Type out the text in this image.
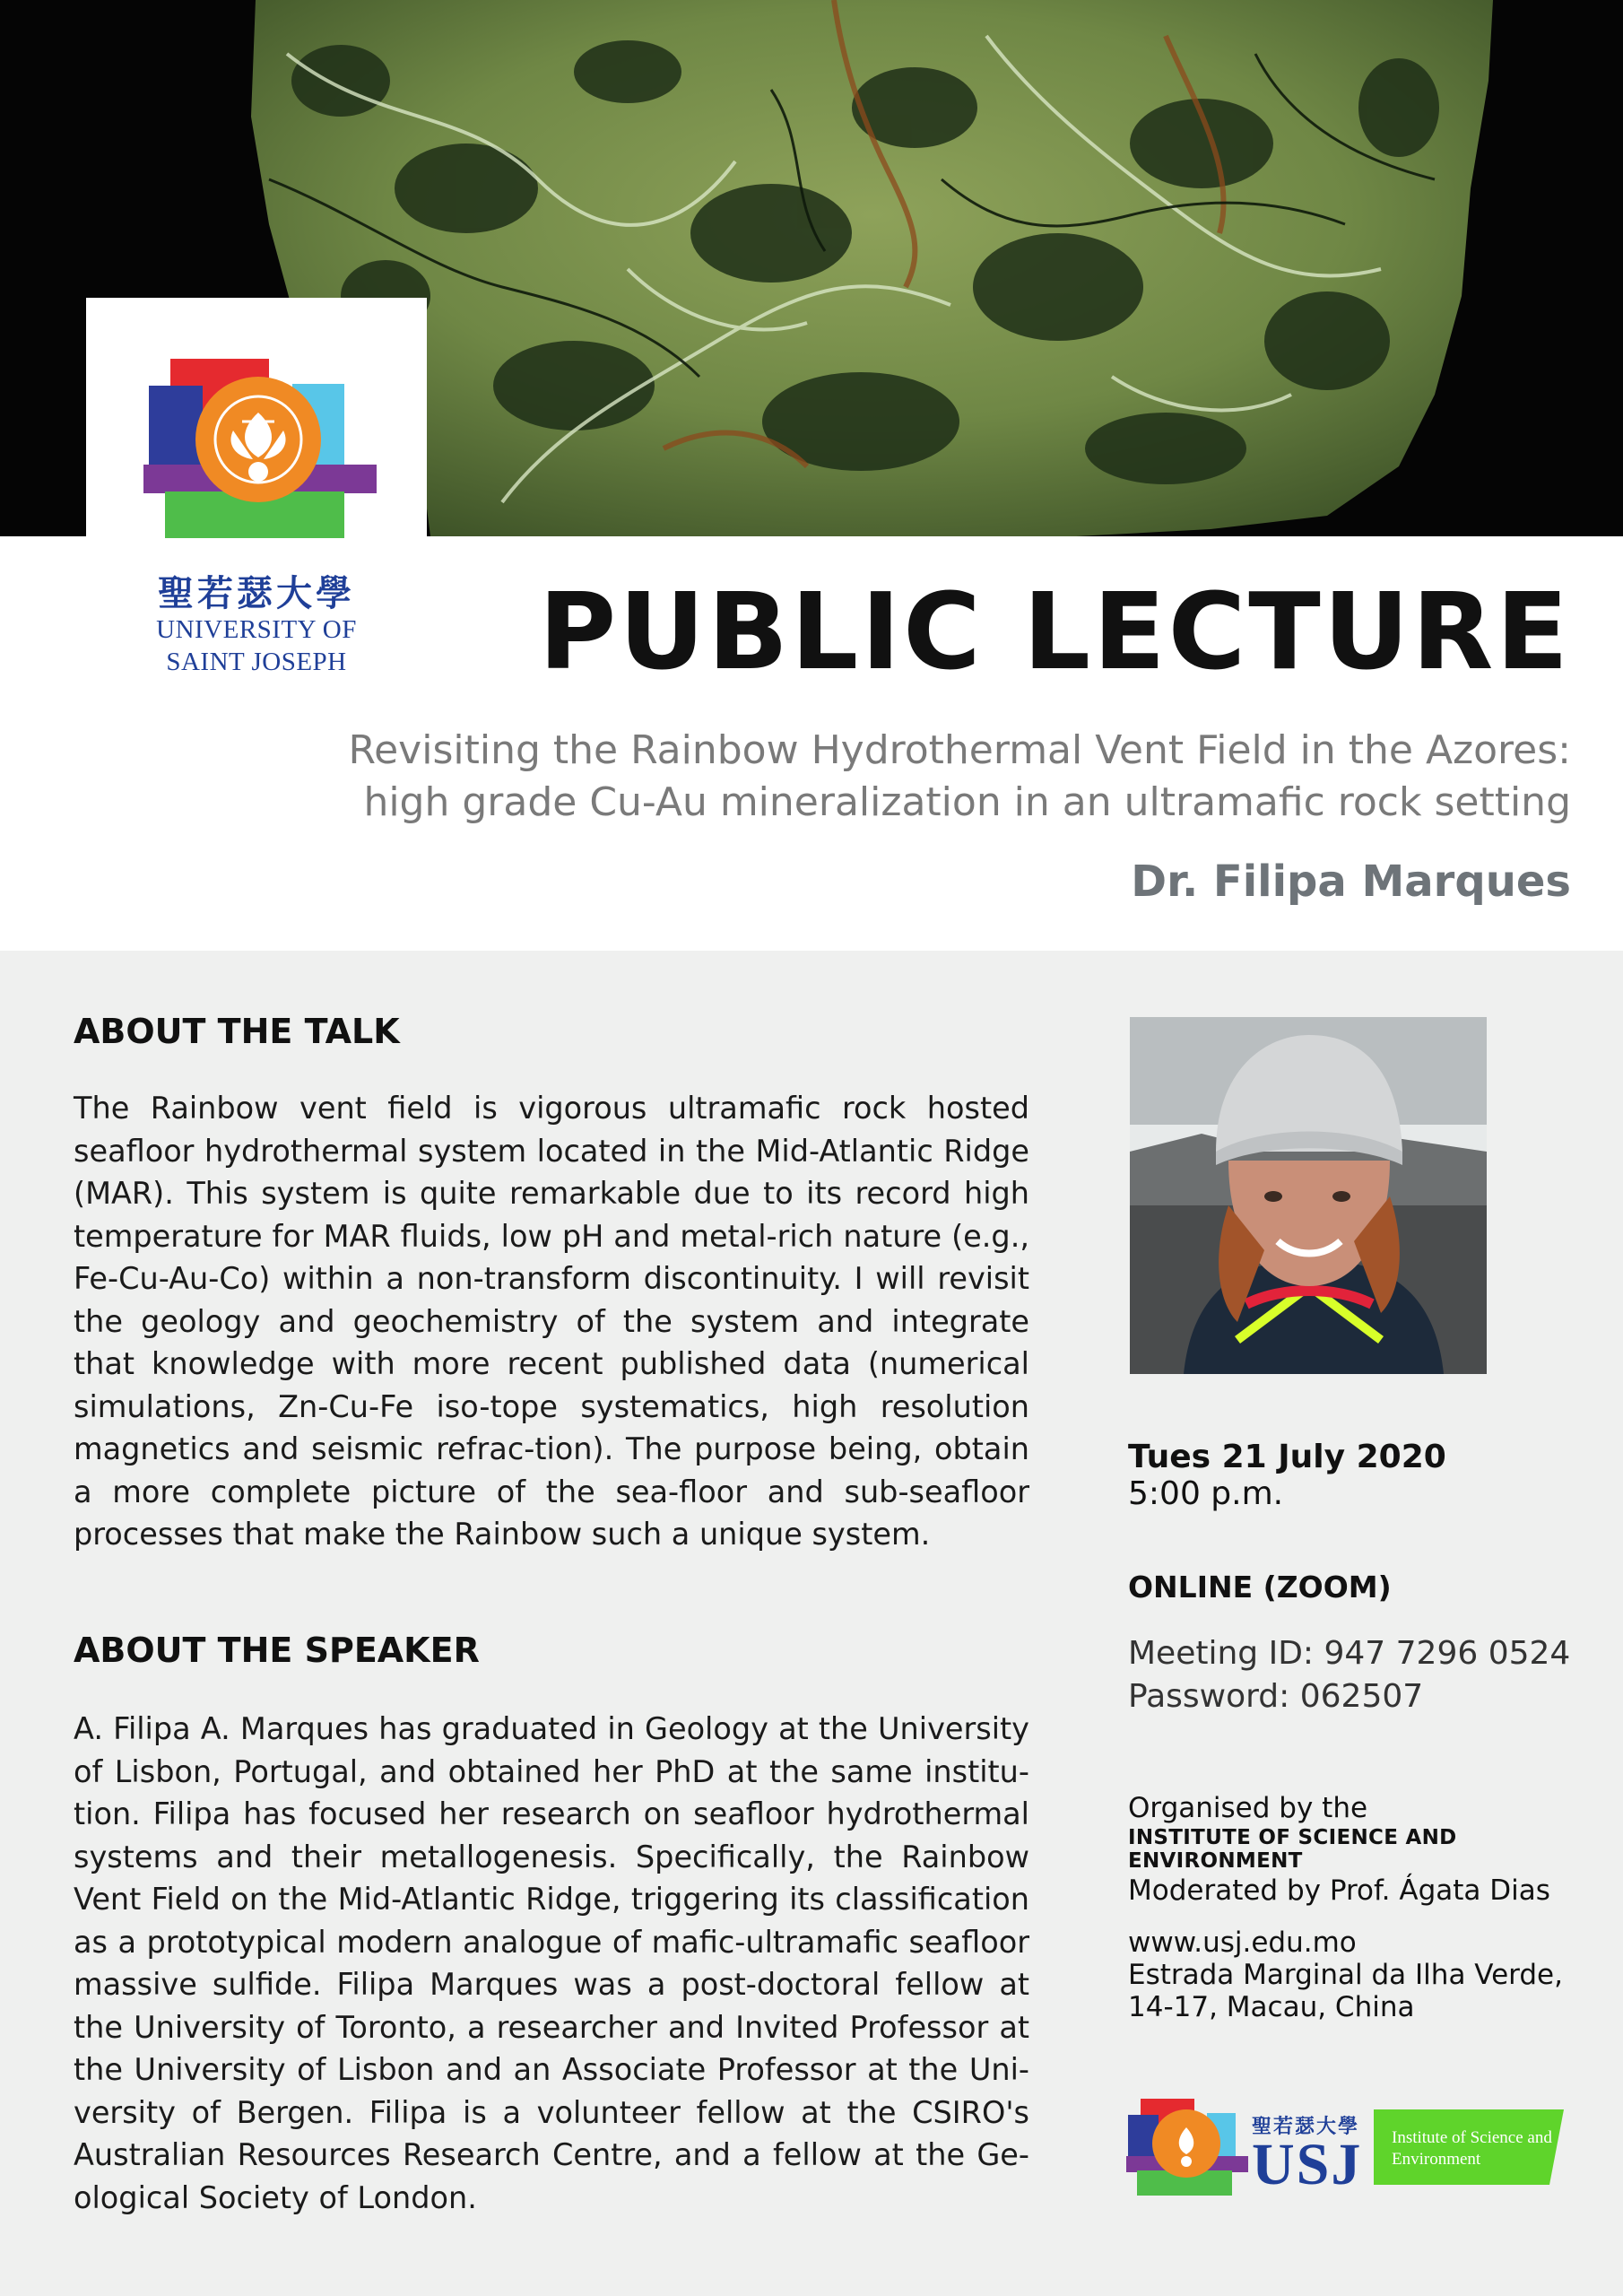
聖若瑟大學
UNIVERSITY OF
SAINT JOSEPH	PUBLIC LECTURE
Revisiting the Rainbow Hydrothermal Vent Field in the Azores:
high grade Cu-Au mineralization in an ultramafic rock setting
Dr. Filipa Marques
ABOUT THE TALK

The Rainbow vent field is vigorous ultramafic rock hosted seafloor hydrothermal system located in the Mid-Atlantic Ridge (MAR). This system is quite remarkable due to its record high temperature for MAR fluids, low pH and metal-rich nature (e.g., Fe-Cu-Au-Co) within a non-transform discontinuity. I will revisit the geology and geochemistry of the system and integrate that knowledge with more recent published data (numerical simulations, Zn-Cu-Fe iso-tope systematics, high resolution magnetics and seismic refrac-tion). The purpose being, obtain a more complete picture of the sea-floor and sub-seafloor processes that make the Rainbow such a unique system.

ABOUT THE SPEAKER

A. Filipa A. Marques has graduated in Geology at the University of Lisbon, Portugal, and obtained her PhD at the same institu-tion. Filipa has focused her research on seafloor hydrothermal systems and their metallogenesis. Specifically, the Rainbow Vent Field on the Mid-Atlantic Ridge, triggering its classification as a prototypical modern analogue of mafic-ultramafic seafloor massive sulfide. Filipa Marques was a post-doctoral fellow at the University of Toronto, a researcher and Invited Professor at the University of Lisbon and an Associate Professor at the Uni-versity of Bergen. Filipa is a volunteer fellow at the CSIRO's Australian Resources Research Centre, and a fellow at the Ge-ological Society of London.

Tues 21 July 2020
5:00 p.m.
ONLINE (ZOOM)
Meeting ID: 947 7296 0524
Password: 062507
Organised by the
INSTITUTE OF SCIENCE AND ENVIRONMENT
Moderated by Prof. Ágata Dias
www.usj.edu.mo
Estrada Marginal da Ilha Verde,
14-17, Macau, China
聖若瑟大學
USJ Institute of Science and Environment
